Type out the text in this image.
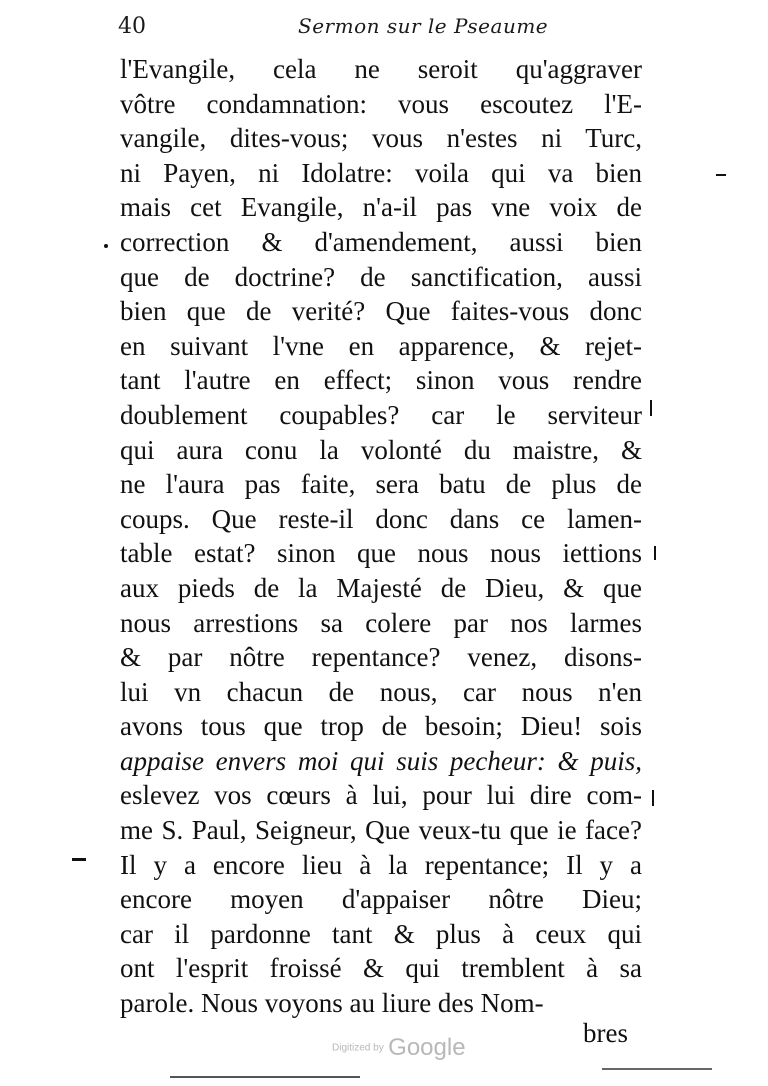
40	Sermon sur le Pseaume
l'Evangile, cela ne seroit qu'aggraver
vôtre condamnation: vous escoutez l'E-
vangile, dites-vous; vous n'estes ni Turc,
ni Payen, ni Idolatre: voila qui va bien
mais cet Evangile, n'a-il pas vne voix de
correction & d'amendement, aussi bien
que de doctrine? de sanctification, aussi
bien que de verité? Que faites-vous donc
en suivant l'vne en apparence, & rejet-
tant l'autre en effect; sinon vous rendre
doublement coupables? car le serviteur
qui aura conu la volonté du maistre, &
ne l'aura pas faite, sera batu de plus de
coups. Que reste-il donc dans ce lamen-
table estat? sinon que nous nous iettions
aux pieds de la Majesté de Dieu, & que
nous arrestions sa colere par nos larmes
& par nôtre repentance? venez, disons-
lui vn chacun de nous, car nous n'en
avons tous que trop de besoin; Dieu! sois
appaise envers moi qui suis pecheur: & puis,
eslevez vos cœurs à lui, pour lui dire com-
me S. Paul, Seigneur, Que veux-tu que ie face?
Il y a encore lieu à la repentance; Il y a
encore moyen d'appaiser nôtre Dieu;
car il pardonne tant & plus à ceux qui
ont l'esprit froissé & qui tremblent à sa
parole. Nous voyons au liure des Nom-
bres
Digitized by Google
